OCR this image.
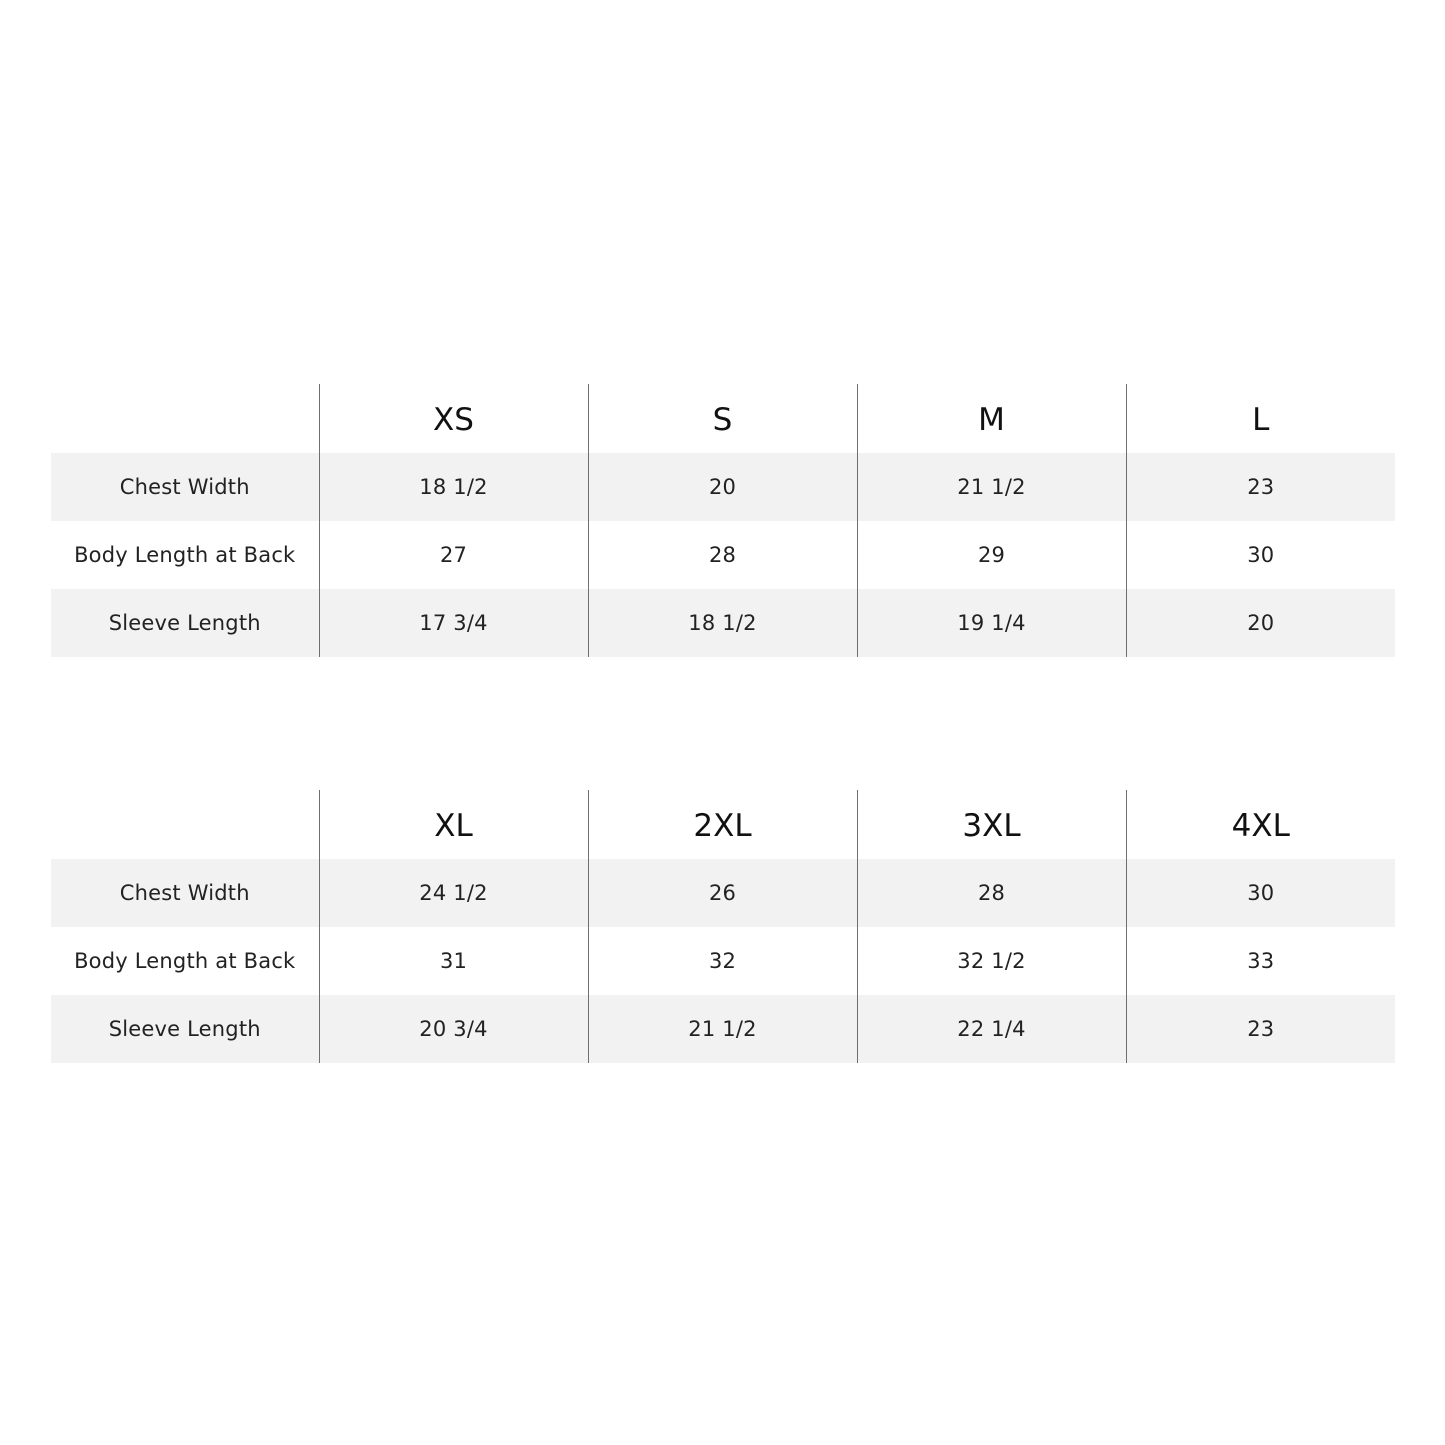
	XS	S	M	L
Chest Width	18 1/2	20	21 1/2	23
Body Length at Back	27	28	29	30
Sleeve Length	17 3/4	18 1/2	19 1/4	20
	XL	2XL	3XL	4XL
Chest Width	24 1/2	26	28	30
Body Length at Back	31	32	32 1/2	33
Sleeve Length	20 3/4	21 1/2	22 1/4	23
